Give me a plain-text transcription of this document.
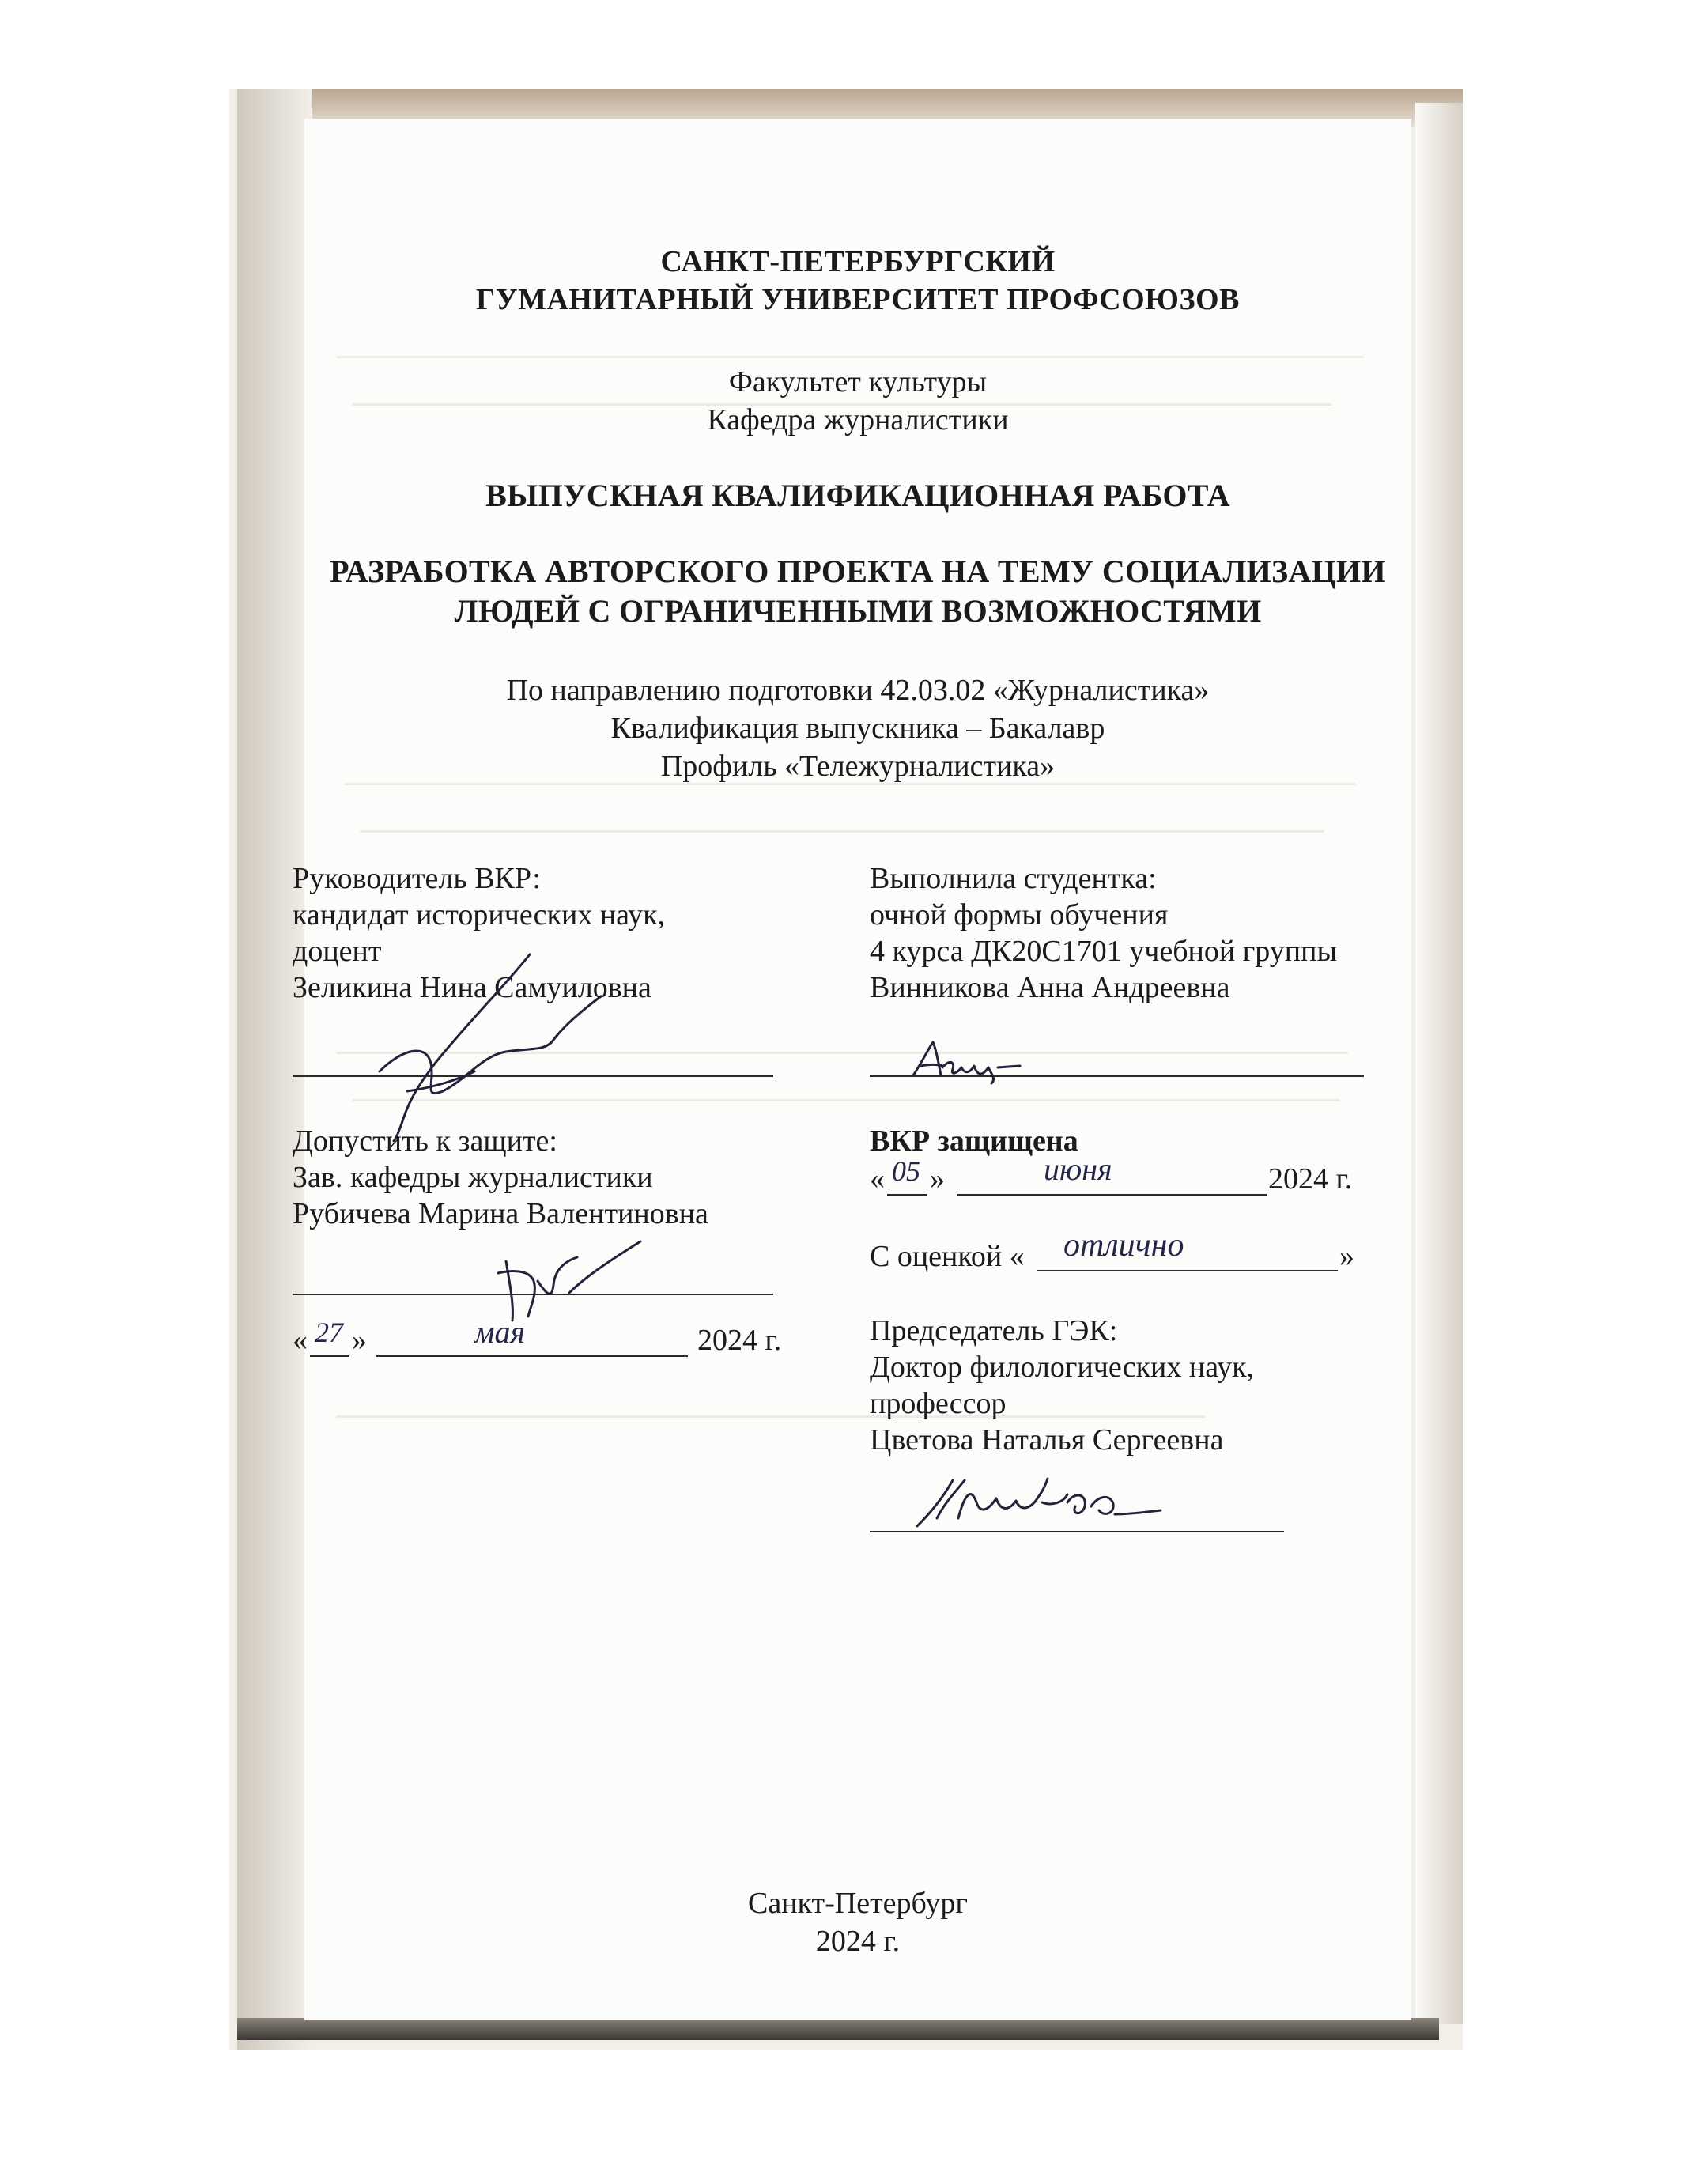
САНКТ-ПЕТЕРБУРГСКИЙ
ГУМАНИТАРНЫЙ УНИВЕРСИТЕТ ПРОФСОЮЗОВ
Факультет культуры
Кафедра журналистики
ВЫПУСКНАЯ КВАЛИФИКАЦИОННАЯ РАБОТА
РАЗРАБОТКА АВТОРСКОГО ПРОЕКТА НА ТЕМУ СОЦИАЛИЗАЦИИ
ЛЮДЕЙ С ОГРАНИЧЕННЫМИ ВОЗМОЖНОСТЯМИ
По направлению подготовки 42.03.02 «Журналистика»
Квалификация выпускника – Бакалавр
Профиль «Тележурналистика»
Руководитель ВКР:
кандидат исторических наук,
доцент
Зеликина Нина Самуиловна
Допустить к защите:
Зав. кафедры журналистики
Рубичева Марина Валентиновна
« 27 »	мая	2024 г.
Выполнила студентка:
очной формы обучения
4 курса ДК20С1701 учебной группы
Винникова Анна Андреевна
ВКР защищена
« 05 »	июня	2024 г.
С оценкой « отлично	»
Председатель ГЭК:
Доктор филологических наук,
профессор
Цветова Наталья Сергеевна
Санкт-Петербург
2024 г.
